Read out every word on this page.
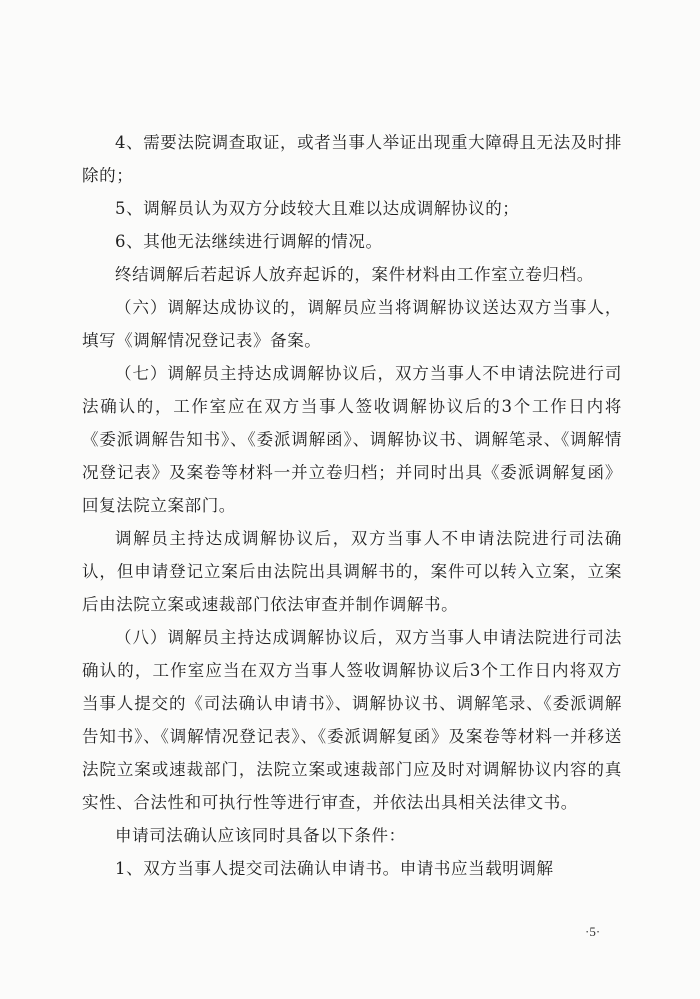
4、需要法院调查取证，或者当事人举证出现重大障碍且无法及时排除的；

5、调解员认为双方分歧较大且难以达成调解协议的；

6、其他无法继续进行调解的情况。

终结调解后若起诉人放弃起诉的，案件材料由工作室立卷归档。

（六）调解达成协议的，调解员应当将调解协议送达双方当事人，填写《调解情况登记表》备案。

（七）调解员主持达成调解协议后，双方当事人不申请法院进行司法确认的，工作室应在双方当事人签收调解协议后的3个工作日内将《委派调解告知书》、《委派调解函》、调解协议书、调解笔录、《调解情况登记表》及案卷等材料一并立卷归档；并同时出具《委派调解复函》回复法院立案部门。

调解员主持达成调解协议后，双方当事人不申请法院进行司法确认，但申请登记立案后由法院出具调解书的，案件可以转入立案，立案后由法院立案或速裁部门依法审查并制作调解书。

（八）调解员主持达成调解协议后，双方当事人申请法院进行司法确认的，工作室应当在双方当事人签收调解协议后3个工作日内将双方当事人提交的《司法确认申请书》、调解协议书、调解笔录、《委派调解告知书》、《调解情况登记表》、《委派调解复函》及案卷等材料一并移送法院立案或速裁部门，法院立案或速裁部门应及时对调解协议内容的真实性、合法性和可执行性等进行审查，并依法出具相关法律文书。

申请司法确认应该同时具备以下条件：

1、双方当事人提交司法确认申请书。申请书应当载明调解

·5·
